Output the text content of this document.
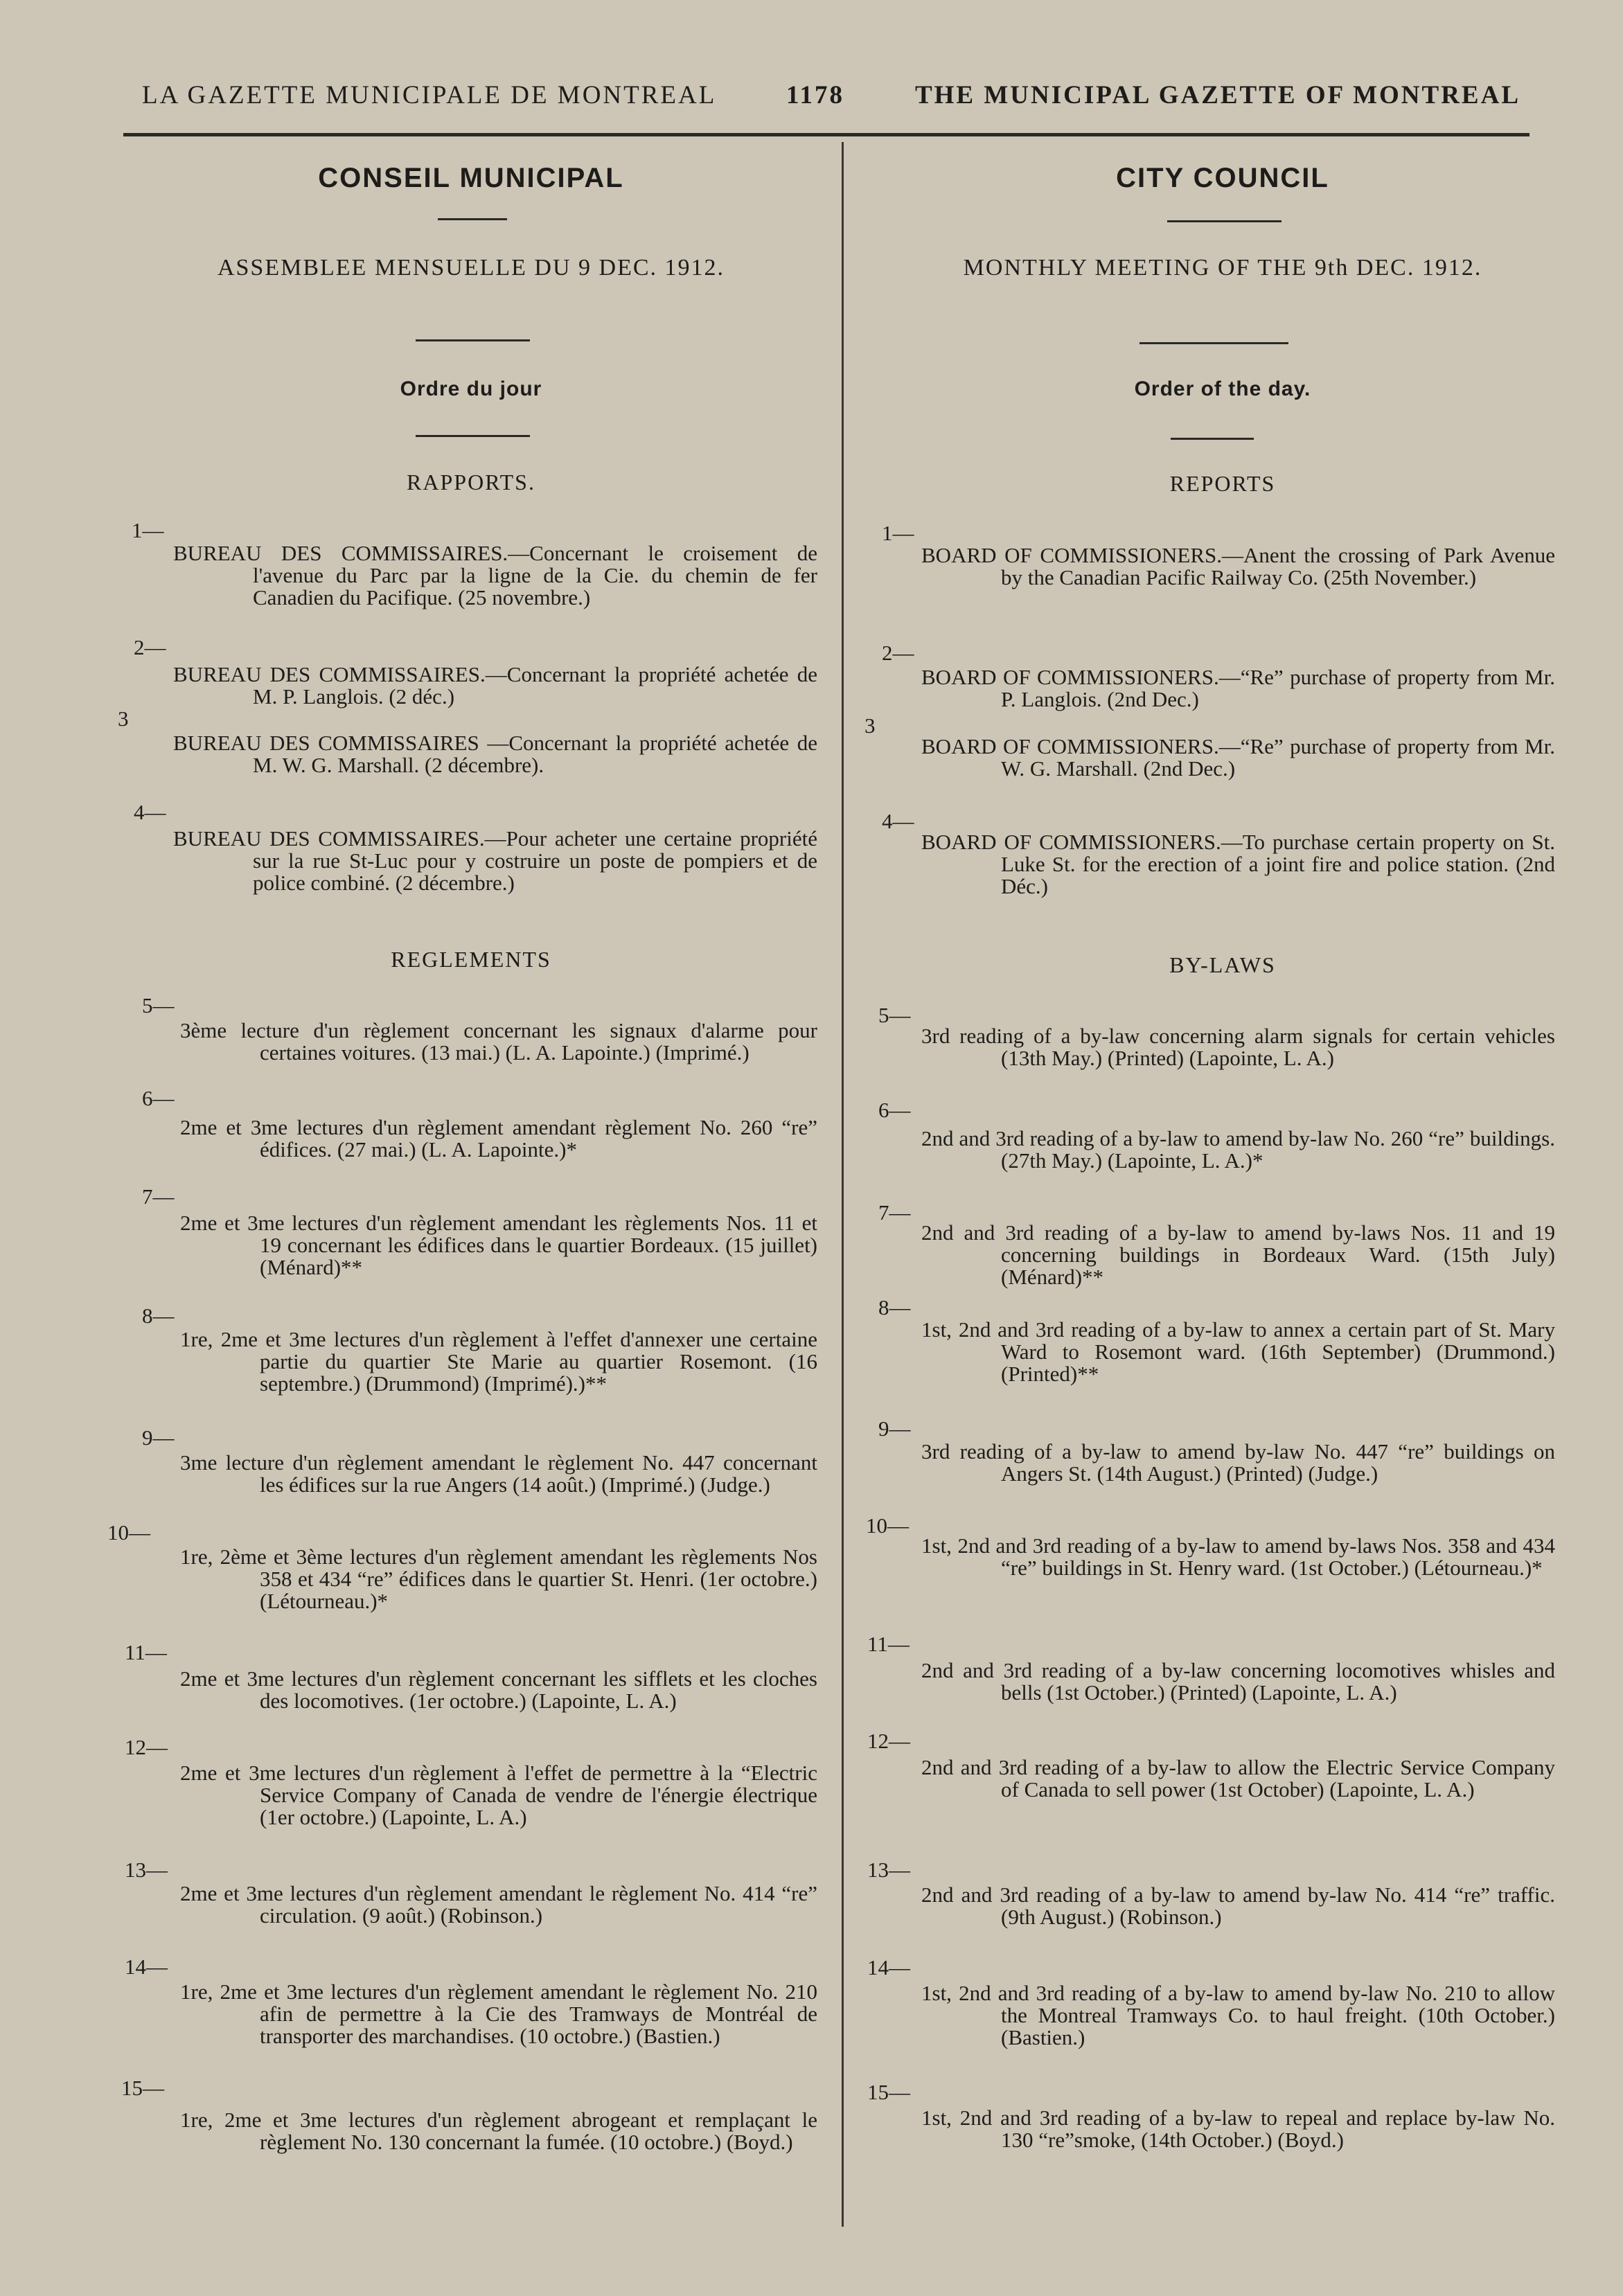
LA GAZETTE MUNICIPALE DE MONTREAL	1178	THE MUNICIPAL GAZETTE OF MONTREAL
CONSEIL MUNICIPAL
ASSEMBLEE MENSUELLE DU 9 DEC. 1912.
Ordre du jour
RAPPORTS.
REGLEMENTS
CITY COUNCIL
MONTHLY MEETING OF THE 9th DEC. 1912.
Order of the day.
REPORTS
BY-LAWS
1—

BUREAU DES COMMISSAIRES.—Concernant le croisement de l'avenue du Parc par la ligne de la Cie. du chemin de fer Canadien du Pacifique. (25 novembre.)

2—

BUREAU DES COMMISSAIRES.—Concernant la propriété achetée de M. P. Langlois. (2 déc.)

3

BUREAU DES COMMISSAIRES —Concernant la propriété achetée de M. W. G. Marshall. (2 décembre).

4—

BUREAU DES COMMISSAIRES.—Pour acheter une certaine propriété sur la rue St-Luc pour y costruire un poste de pompiers et de police combiné. (2 décembre.)

5—

3ème lecture d'un règlement concernant les signaux d'alarme pour certaines voitures. (13 mai.) (L. A. Lapointe.) (Imprimé.)

6—

2me et 3me lectures d'un règlement amendant règlement No. 260 “re” édifices. (27 mai.) (L. A. Lapointe.)*

7—

2me et 3me lectures d'un règlement amendant les règlements Nos. 11 et 19 concernant les édifices dans le quartier Bordeaux. (15 juillet) (Ménard)**

8—

1re, 2me et 3me lectures d'un règlement à l'effet d'annexer une certaine partie du quartier Ste Marie au quartier Rosemont. (16 septembre.) (Drummond) (Imprimé).)**

9—

3me lecture d'un règlement amendant le règlement No. 447 concernant les édifices sur la rue Angers (14 août.) (Imprimé.) (Judge.)

10—

1re, 2ème et 3ème lectures d'un règlement amendant les règlements Nos 358 et 434 “re” édifices dans le quartier St. Henri. (1er octobre.) (Létourneau.)*

11—

2me et 3me lectures d'un règlement concernant les sifflets et les cloches des locomotives. (1er octobre.) (Lapointe, L. A.)

12—

2me et 3me lectures d'un règlement à l'effet de permettre à la “Electric Service Company of Canada de vendre de l'énergie électrique (1er octobre.) (Lapointe, L. A.)

13—

2me et 3me lectures d'un règlement amendant le règlement No. 414 “re” circulation. (9 août.) (Robinson.)

14—

1re, 2me et 3me lectures d'un règlement amendant le règlement No. 210 afin de permettre à la Cie des Tramways de Montréal de transporter des marchandises. (10 octobre.) (Bastien.)

15—

1re, 2me et 3me lectures d'un règlement abrogeant et remplaçant le règlement No. 130 concernant la fumée. (10 octobre.) (Boyd.)

1—

BOARD OF COMMISSIONERS.—Anent the crossing of Park Avenue by the Canadian Pacific Railway Co. (25th November.)

2—

BOARD OF COMMISSIONERS.—“Re” purchase of property from Mr. P. Langlois. (2nd Dec.)

3

BOARD OF COMMISSIONERS.—“Re” purchase of property from Mr. W. G. Marshall. (2nd Dec.)

4—

BOARD OF COMMISSIONERS.—To purchase certain property on St. Luke St. for the erection of a joint fire and police station. (2nd Déc.)

5—

3rd reading of a by-law concerning alarm signals for certain vehicles (13th May.) (Printed) (Lapointe, L. A.)

6—

2nd and 3rd reading of a by-law to amend by-law No. 260 “re” buildings. (27th May.) (Lapointe, L. A.)*

7—

2nd and 3rd reading of a by-law to amend by-laws Nos. 11 and 19 concerning buildings in Bordeaux Ward. (15th July) (Ménard)**

8—

1st, 2nd and 3rd reading of a by-law to annex a certain part of St. Mary Ward to Rosemont ward. (16th September) (Drummond.) (Printed)**

9—

3rd reading of a by-law to amend by-law No. 447 “re” buildings on Angers St. (14th August.) (Printed) (Judge.)

10—

1st, 2nd and 3rd reading of a by-law to amend by-laws Nos. 358 and 434 “re” buildings in St. Henry ward. (1st October.) (Létourneau.)*

11—

2nd and 3rd reading of a by-law concerning locomotives whisles and bells (1st October.) (Printed) (Lapointe, L. A.)

12—

2nd and 3rd reading of a by-law to allow the Electric Service Company of Canada to sell power (1st October) (Lapointe, L. A.)

13—

2nd and 3rd reading of a by-law to amend by-law No. 414 “re” traffic. (9th August.) (Robinson.)

14—

1st, 2nd and 3rd reading of a by-law to amend by-law No. 210 to allow the Montreal Tramways Co. to haul freight. (10th October.) (Bastien.)

15—

1st, 2nd and 3rd reading of a by-law to repeal and replace by-law No. 130 “re”smoke, (14th October.) (Boyd.)
